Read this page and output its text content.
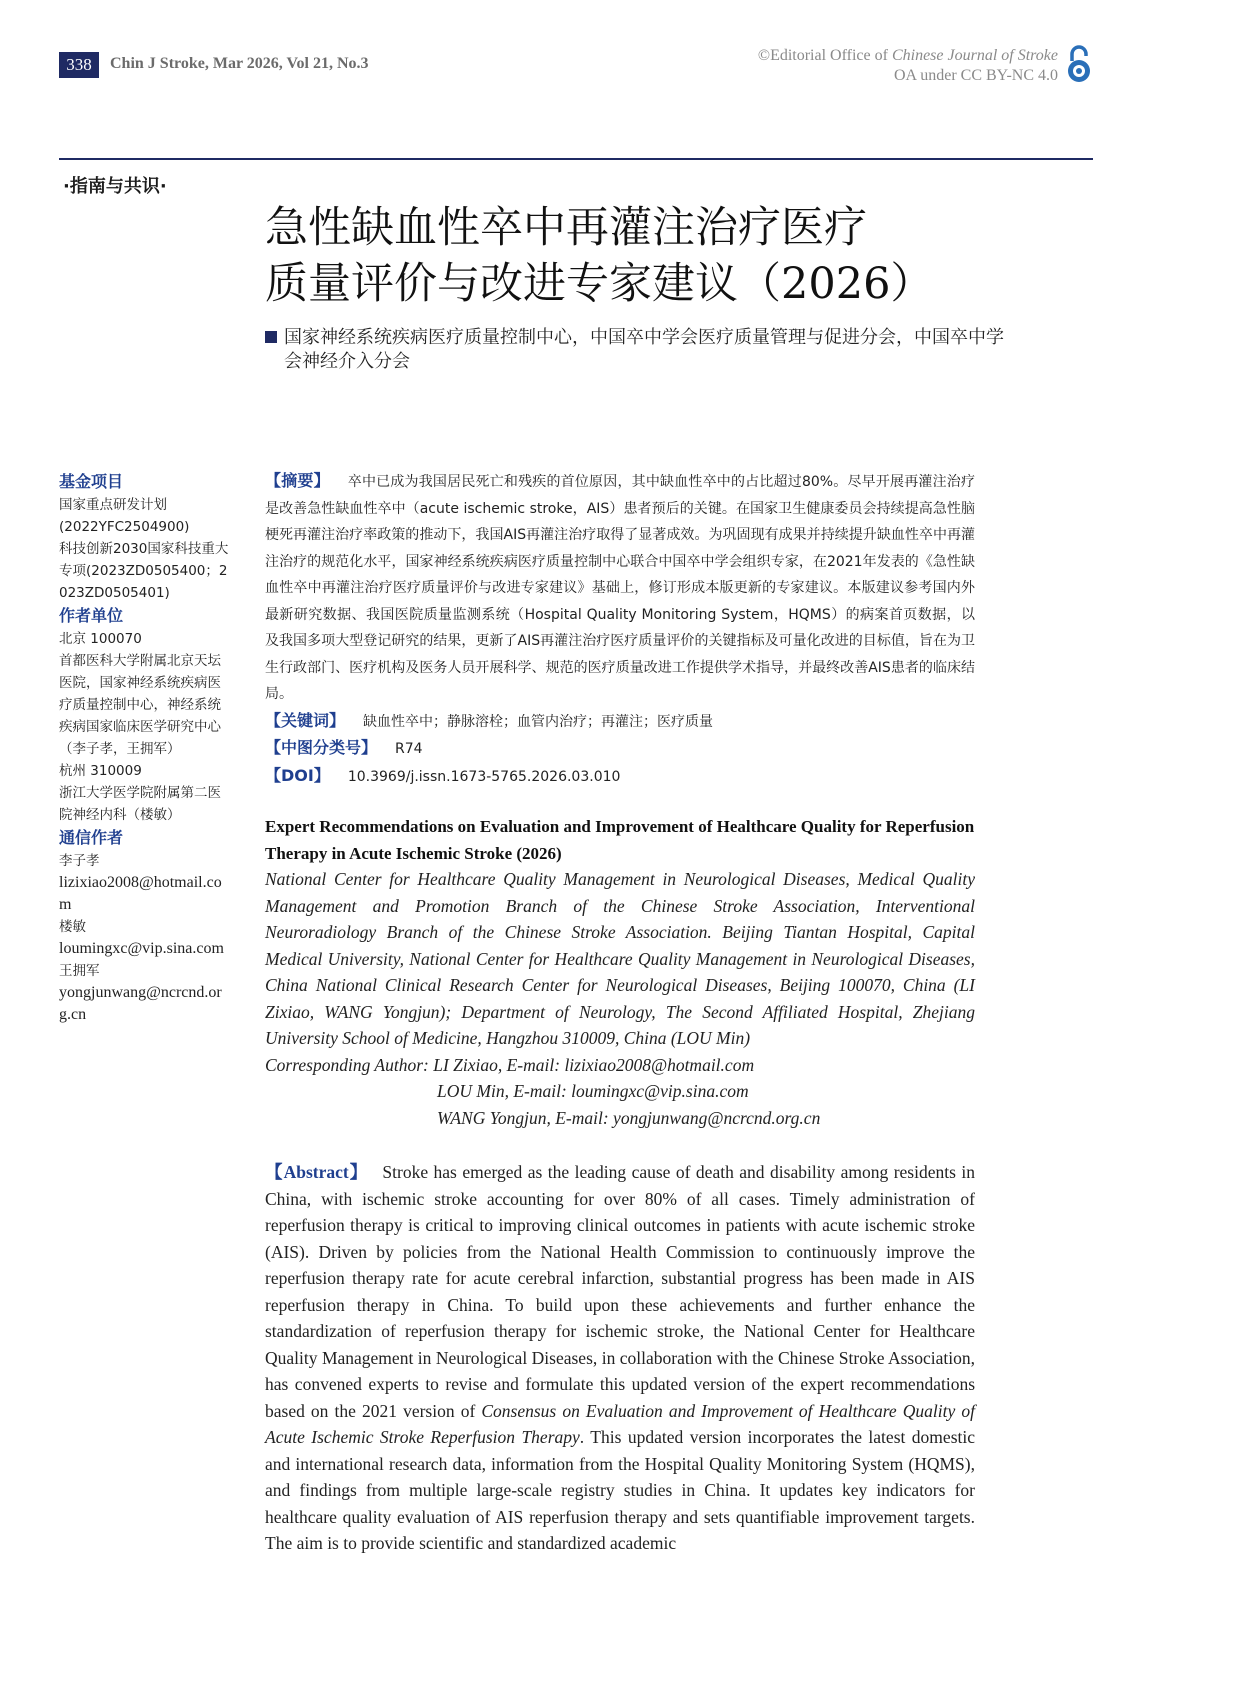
338	Chin J Stroke, Mar 2026, Vol 21, No.3	©Editorial Office of Chinese Journal of Stroke
OA under CC BY-NC 4.0
·指南与共识·
急性缺血性卒中再灌注治疗医疗
质量评价与改进专家建议（2026）
国家神经系统疾病医疗质量控制中心，中国卒中学会医疗质量管理与促进分会，中国卒中学会神经介入分会
基金项目
国家重点研发计划
(2022YFC2504900)
科技创新2030国家科技重大专项(2023ZD0505400；2023ZD0505401)
作者单位
北京 100070
首都医科大学附属北京天坛医院，国家神经系统疾病医疗质量控制中心，神经系统疾病国家临床医学研究中心（李子孝，王拥军）
杭州 310009
浙江大学医学院附属第二医院神经内科（楼敏）
通信作者
李子孝
lizixiao2008@hotmail.com
楼敏
loumingxc@vip.sina.com
王拥军
yongjunwang@ncrcnd.org.cn

【摘要】 卒中已成为我国居民死亡和残疾的首位原因，其中缺血性卒中的占比超过80%。尽早开展再灌注治疗是改善急性缺血性卒中（acute ischemic stroke，AIS）患者预后的关键。在国家卫生健康委员会持续提高急性脑梗死再灌注治疗率政策的推动下，我国AIS再灌注治疗取得了显著成效。为巩固现有成果并持续提升缺血性卒中再灌注治疗的规范化水平，国家神经系统疾病医疗质量控制中心联合中国卒中学会组织专家，在2021年发表的《急性缺血性卒中再灌注治疗医疗质量评价与改进专家建议》基础上，修订形成本版更新的专家建议。本版建议参考国内外最新研究数据、我国医院质量监测系统（Hospital Quality Monitoring System，HQMS）的病案首页数据，以及我国多项大型登记研究的结果，更新了AIS再灌注治疗医疗质量评价的关键指标及可量化改进的目标值，旨在为卫生行政部门、医疗机构及医务人员开展科学、规范的医疗质量改进工作提供学术指导，并最终改善AIS患者的临床结局。

【关键词】 缺血性卒中；静脉溶栓；血管内治疗；再灌注；医疗质量

【中图分类号】 R74

【DOI】 10.3969/j.issn.1673-5765.2026.03.010

Expert Recommendations on Evaluation and Improvement of Healthcare Quality for Reperfusion Therapy in Acute Ischemic Stroke (2026)

National Center for Healthcare Quality Management in Neurological Diseases, Medical Quality Management and Promotion Branch of the Chinese Stroke Association, Interventional Neuroradiology Branch of the Chinese Stroke Association. Beijing Tiantan Hospital, Capital Medical University, National Center for Healthcare Quality Management in Neurological Diseases, China National Clinical Research Center for Neurological Diseases, Beijing 100070, China (LI Zixiao, WANG Yongjun); Department of Neurology, The Second Affiliated Hospital, Zhejiang University School of Medicine, Hangzhou 310009, China (LOU Min)

Corresponding Author: LI Zixiao, E-mail: lizixiao2008@hotmail.com

LOU Min, E-mail: loumingxc@vip.sina.com

WANG Yongjun, E-mail: yongjunwang@ncrcnd.org.cn

【Abstract】 Stroke has emerged as the leading cause of death and disability among residents in China, with ischemic stroke accounting for over 80% of all cases. Timely administration of reperfusion therapy is critical to improving clinical outcomes in patients with acute ischemic stroke (AIS). Driven by policies from the National Health Commission to continuously improve the reperfusion therapy rate for acute cerebral infarction, substantial progress has been made in AIS reperfusion therapy in China. To build upon these achievements and further enhance the standardization of reperfusion therapy for ischemic stroke, the National Center for Healthcare Quality Management in Neurological Diseases, in collaboration with the Chinese Stroke Association, has convened experts to revise and formulate this updated version of the expert recommendations based on the 2021 version of Consensus on Evaluation and Improvement of Healthcare Quality of Acute Ischemic Stroke Reperfusion Therapy. This updated version incorporates the latest domestic and international research data, information from the Hospital Quality Monitoring System (HQMS), and findings from multiple large-scale registry studies in China. It updates key indicators for healthcare quality evaluation of AIS reperfusion therapy and sets quantifiable improvement targets. The aim is to provide scientific and standardized academic
